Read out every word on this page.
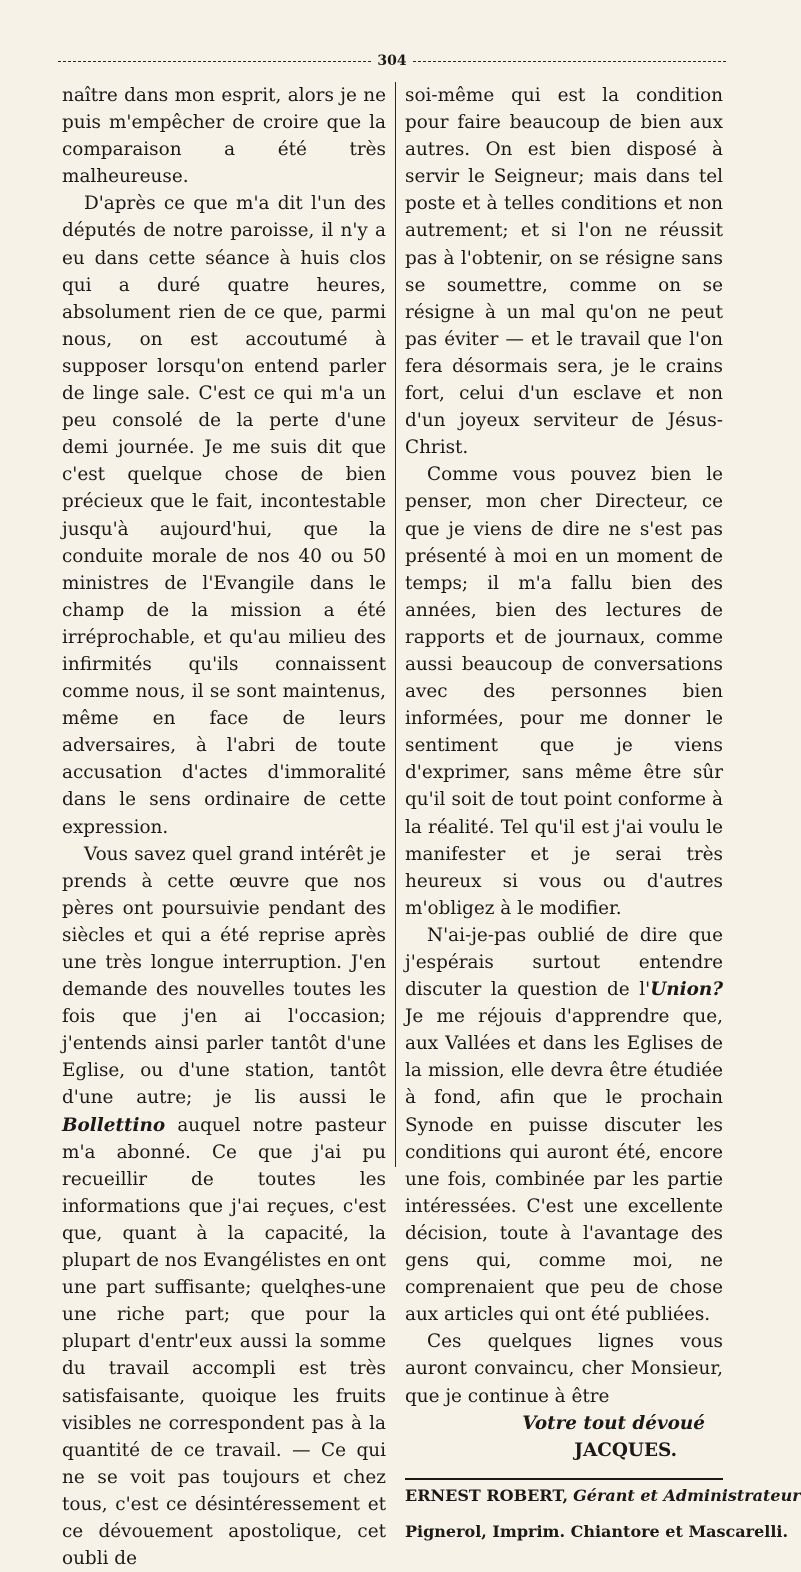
304

naître dans mon esprit, alors je ne puis m'empêcher de croire que la comparaison a été très malheureuse.

D'après ce que m'a dit l'un des députés de notre paroisse, il n'y a eu dans cette séance à huis clos qui a duré quatre heures, absolument rien de ce que, parmi nous, on est accoutumé à supposer lorsqu'on entend parler de linge sale. C'est ce qui m'a un peu consolé de la perte d'une demi journée. Je me suis dit que c'est quelque chose de bien précieux que le fait, incontestable jusqu'à aujourd'hui, que la conduite morale de nos 40 ou 50 ministres de l'Evangile dans le champ de la mission a été irréprochable, et qu'au milieu des infirmités qu'ils connaissent comme nous, il se sont maintenus, même en face de leurs adversaires, à l'abri de toute accusation d'actes d'immoralité dans le sens ordinaire de cette expression.

Vous savez quel grand intérêt je prends à cette œuvre que nos pères ont poursuivie pendant des siècles et qui a été reprise après une très longue interruption. J'en demande des nouvelles toutes les fois que j'en ai l'occasion; j'entends ainsi parler tantôt d'une Eglise, ou d'une station, tantôt d'une autre; je lis aussi le Bollettino auquel notre pasteur m'a abonné. Ce que j'ai pu recueillir de toutes les informations que j'ai reçues, c'est que, quant à la capacité, la plupart de nos Evangélistes en ont une part suffisante; quelqhes-une une riche part; que pour la plupart d'entr'eux aussi la somme du travail accompli est très satisfaisante, quoique les fruits visibles ne correspondent pas à la quantité de ce travail. — Ce qui ne se voit pas toujours et chez tous, c'est ce désintéressement et ce dévouement apostolique, cet oubli de

soi-même qui est la condition pour faire beaucoup de bien aux autres. On est bien disposé à servir le Seigneur; mais dans tel poste et à telles conditions et non autrement; et si l'on ne réussit pas à l'obtenir, on se résigne sans se soumettre, comme on se résigne à un mal qu'on ne peut pas éviter — et le travail que l'on fera désormais sera, je le crains fort, celui d'un esclave et non d'un joyeux serviteur de Jésus-Christ.

Comme vous pouvez bien le penser, mon cher Directeur, ce que je viens de dire ne s'est pas présenté à moi en un moment de temps; il m'a fallu bien des années, bien des lectures de rapports et de journaux, comme aussi beaucoup de conversations avec des personnes bien informées, pour me donner le sentiment que je viens d'exprimer, sans même être sûr qu'il soit de tout point conforme à la réalité. Tel qu'il est j'ai voulu le manifester et je serai très heureux si vous ou d'autres m'obligez à le modifier.

N'ai-je-pas oublié de dire que j'espérais surtout entendre discuter la question de l'Union? Je me réjouis d'apprendre que, aux Vallées et dans les Eglises de la mission, elle devra être étudiée à fond, afin que le prochain Synode en puisse discuter les conditions qui auront été, encore une fois, combinée par les partie intéressées. C'est une excellente décision, toute à l'avantage des gens qui, comme moi, ne comprenaient que peu de chose aux articles qui ont été publiées.

Ces quelques lignes vous auront convaincu, cher Monsieur, que je continue à être

Votre tout dévoué

JACQUES.

ERNEST ROBERT, Gérant et Administrateur
Pignerol, Imprim. Chiantore et Mascarelli.
